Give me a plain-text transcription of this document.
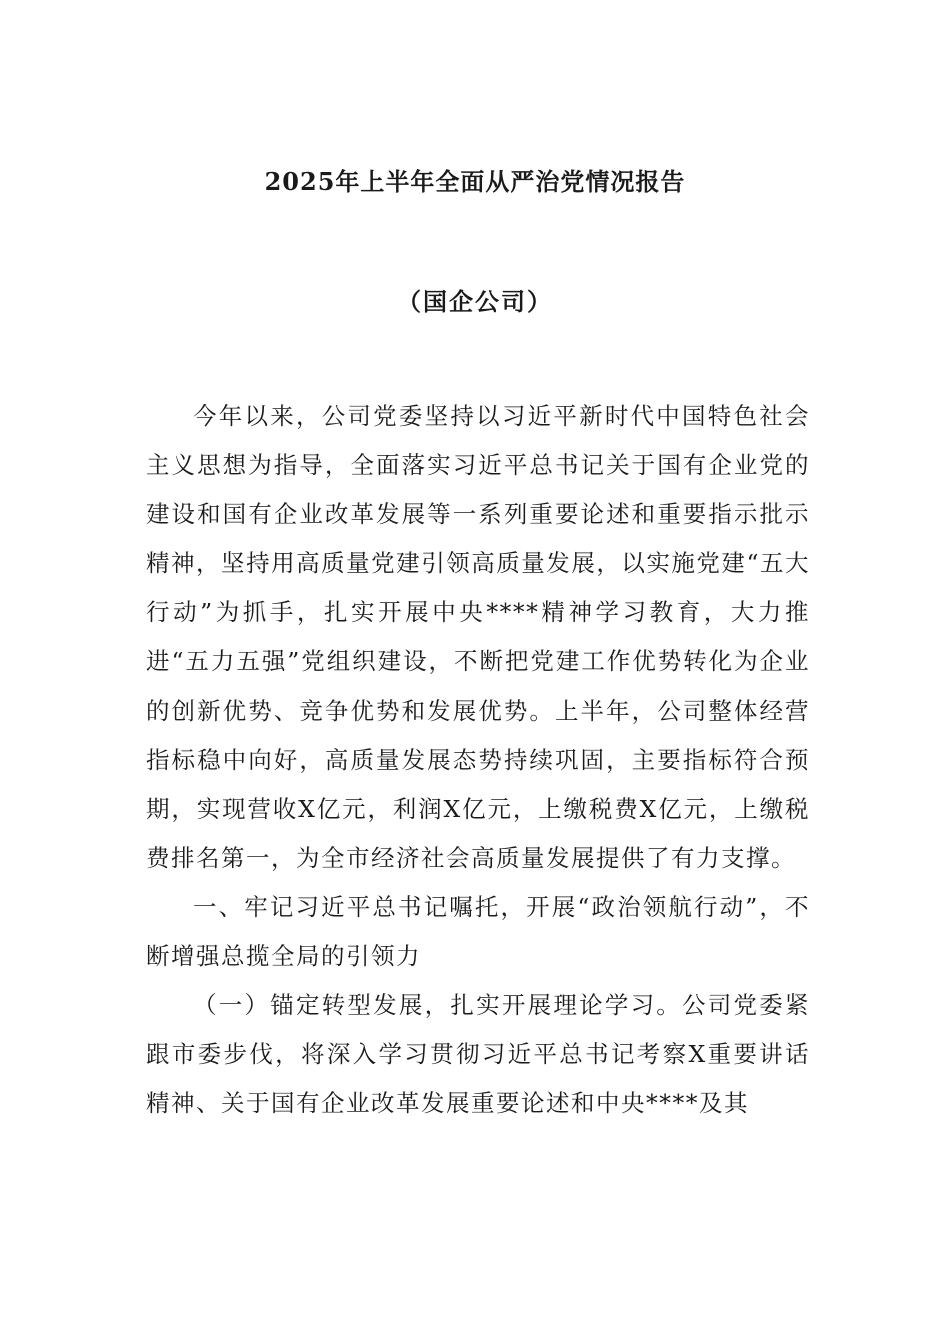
2025年上半年全面从严治党情况报告
（国企公司）

今年以来，公司党委坚持以习近平新时代中国特色社会主义思想为指导，全面落实习近平总书记关于国有企业党的建设和国有企业改革发展等一系列重要论述和重要指示批示精神，坚持用高质量党建引领高质量发展，以实施党建“五大行动”为抓手，扎实开展中央****精神学习教育，大力推进“五力五强”党组织建设，不断把党建工作优势转化为企业的创新优势、竞争优势和发展优势。上半年，公司整体经营指标稳中向好，高质量发展态势持续巩固，主要指标符合预期，实现营收X亿元，利润X亿元，上缴税费X亿元，上缴税费排名第一，为全市经济社会高质量发展提供了有力支撑。

一、牢记习近平总书记嘱托，开展“政治领航行动”，不断增强总揽全局的引领力

（一）锚定转型发展，扎实开展理论学习。公司党委紧跟市委步伐，将深入学习贯彻习近平总书记考察X重要讲话精神、关于国有企业改革发展重要论述和中央****及其
